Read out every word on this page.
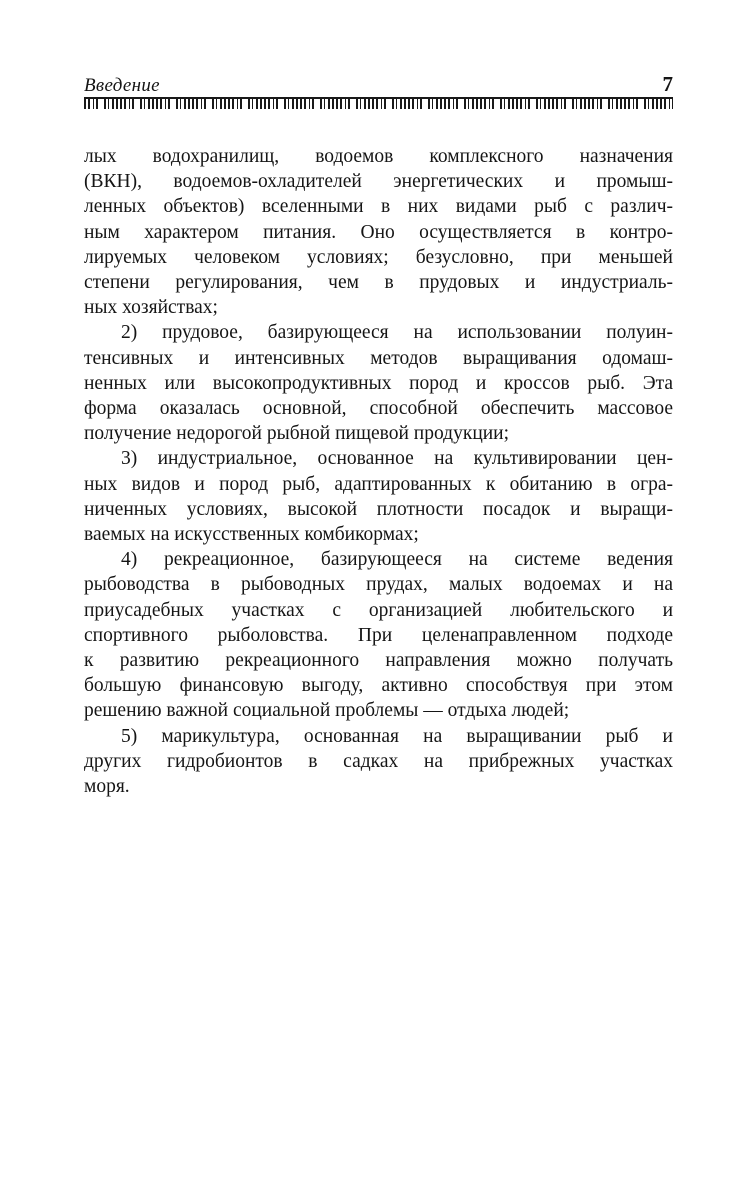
Введение	7
лых водохранилищ, водоемов комплексного назначения
(ВКН), водоемов-охладителей энергетических и промыш-
ленных объектов) вселенными в них видами рыб с различ-
ным характером питания. Оно осуществляется в контро-
лируемых человеком условиях; безусловно, при меньшей
степени регулирования, чем в прудовых и индустриаль-
ных хозяйствах;
2) прудовое, базирующееся на использовании полуин-
тенсивных и интенсивных методов выращивания одомаш-
ненных или высокопродуктивных пород и кроссов рыб. Эта
форма оказалась основной, способной обеспечить массовое
получение недорогой рыбной пищевой продукции;
3) индустриальное, основанное на культивировании цен-
ных видов и пород рыб, адаптированных к обитанию в огра-
ниченных условиях, высокой плотности посадок и выращи-
ваемых на искусственных комбикормах;
4) рекреационное, базирующееся на системе ведения
рыбоводства в рыбоводных прудах, малых водоемах и на
приусадебных участках с организацией любительского и
спортивного рыболовства. При целенаправленном подходе
к развитию рекреационного направления можно получать
большую финансовую выгоду, активно способствуя при этом
решению важной социальной проблемы — отдыха людей;
5) марикультура, основанная на выращивании рыб и
других гидробионтов в садках на прибрежных участках
моря.
